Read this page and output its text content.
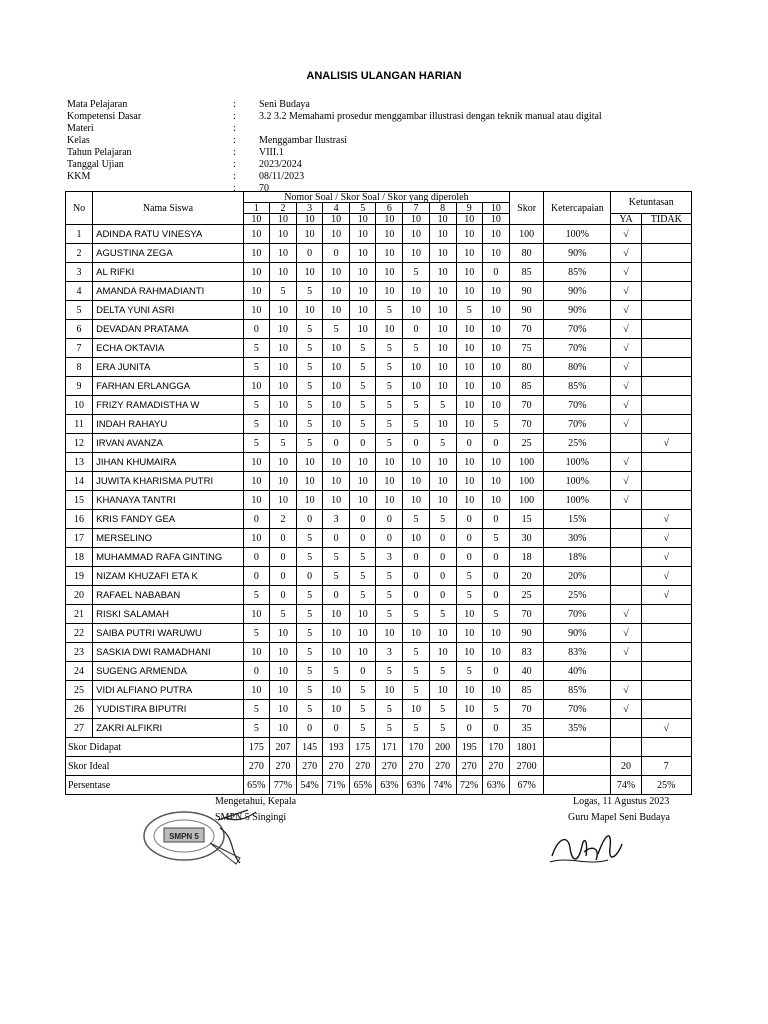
ANALISIS ULANGAN HARIAN
Mata Pelajaran	:	Seni Budaya
Kompetensi Dasar	:	3.2 3.2 Memahami prosedur menggambar illustrasi dengan teknik manual atau digital
Materi	:
Kelas	:	Menggambar Ilustrasi
Tahun Pelajaran	:	VIII.1
Tanggal Ujian	:	2023/2024
KKM	:	08/11/2023
:	70
No	Nama Siswa	Nomor Soal / Skor Soal / Skor yang diperoleh										Skor	Ketercapaian	Ketuntasan	
		1	2	3	4	5	6	7	8	9	10				
		10	10	10	10	10	10	10	10	10	10			YA	TIDAK
1	ADINDA RATU VINESYA	10	10	10	10	10	10	10	10	10	10	100	100%	√	
2	AGUSTINA ZEGA	10	10	0	0	10	10	10	10	10	10	80	90%	√	
3	AL RIFKI	10	10	10	10	10	10	5	10	10	0	85	85%	√	
4	AMANDA RAHMADIANTI	10	5	5	10	10	10	10	10	10	10	90	90%	√	
5	DELTA YUNI ASRI	10	10	10	10	10	5	10	10	5	10	90	90%	√	
6	DEVADAN PRATAMA	0	10	5	5	10	10	0	10	10	10	70	70%	√	
7	ECHA OKTAVIA	5	10	5	10	5	5	5	10	10	10	75	70%	√	
8	ERA JUNITA	5	10	5	10	5	5	10	10	10	10	80	80%	√	
9	FARHAN ERLANGGA	10	10	5	10	5	5	10	10	10	10	85	85%	√	
10	FRIZY RAMADISTHA W	5	10	5	10	5	5	5	5	10	10	70	70%	√	
11	INDAH RAHAYU	5	10	5	10	5	5	5	10	10	5	70	70%	√	
12	IRVAN AVANZA	5	5	5	0	0	5	0	5	0	0	25	25%		√
13	JIHAN KHUMAIRA	10	10	10	10	10	10	10	10	10	10	100	100%	√	
14	JUWITA KHARISMA PUTRI	10	10	10	10	10	10	10	10	10	10	100	100%	√	
15	KHANAYA TANTRI	10	10	10	10	10	10	10	10	10	10	100	100%	√	
16	KRIS FANDY GEA	0	2	0	3	0	0	5	5	0	0	15	15%		√
17	MERSELINO	10	0	5	0	0	0	10	0	0	5	30	30%		√
18	MUHAMMAD RAFA GINTING	0	0	5	5	5	3	0	0	0	0	18	18%		√
19	NIZAM KHUZAFI ETA K	0	0	0	5	5	5	0	0	5	0	20	20%		√
20	RAFAEL NABABAN	5	0	5	0	5	5	0	0	5	0	25	25%		√
21	RISKI SALAMAH	10	5	5	10	10	5	5	5	10	5	70	70%	√	
22	SAIBA PUTRI WARUWU	5	10	5	10	10	10	10	10	10	10	90	90%	√	
23	SASKIA DWI RAMADHANI	10	10	5	10	10	3	5	10	10	10	83	83%	√	
24	SUGENG ARMENDA	0	10	5	5	0	5	5	5	5	0	40	40%		
25	VIDI ALFIANO PUTRA	10	10	5	10	5	10	5	10	10	10	85	85%	√	
26	YUDISTIRA BIPUTRI	5	10	5	10	5	5	10	5	10	5	70	70%	√	
27	ZAKRI ALFIKRI	5	10	0	0	5	5	5	5	0	0	35	35%		√
Skor Didapat		175	207	145	193	175	171	170	200	195	170	1801			
Skor Ideal		270	270	270	270	270	270	270	270	270	270	2700		20	7
Persentase		65%	77%	54%	71%	65%	63%	63%	74%	72%	63%	67%		74%	25%
Mengetahui, Kepala
SMPN 5 Singingi
Logas, 11 Agustus 2023
Guru Mapel Seni Budaya
SMPN 5
